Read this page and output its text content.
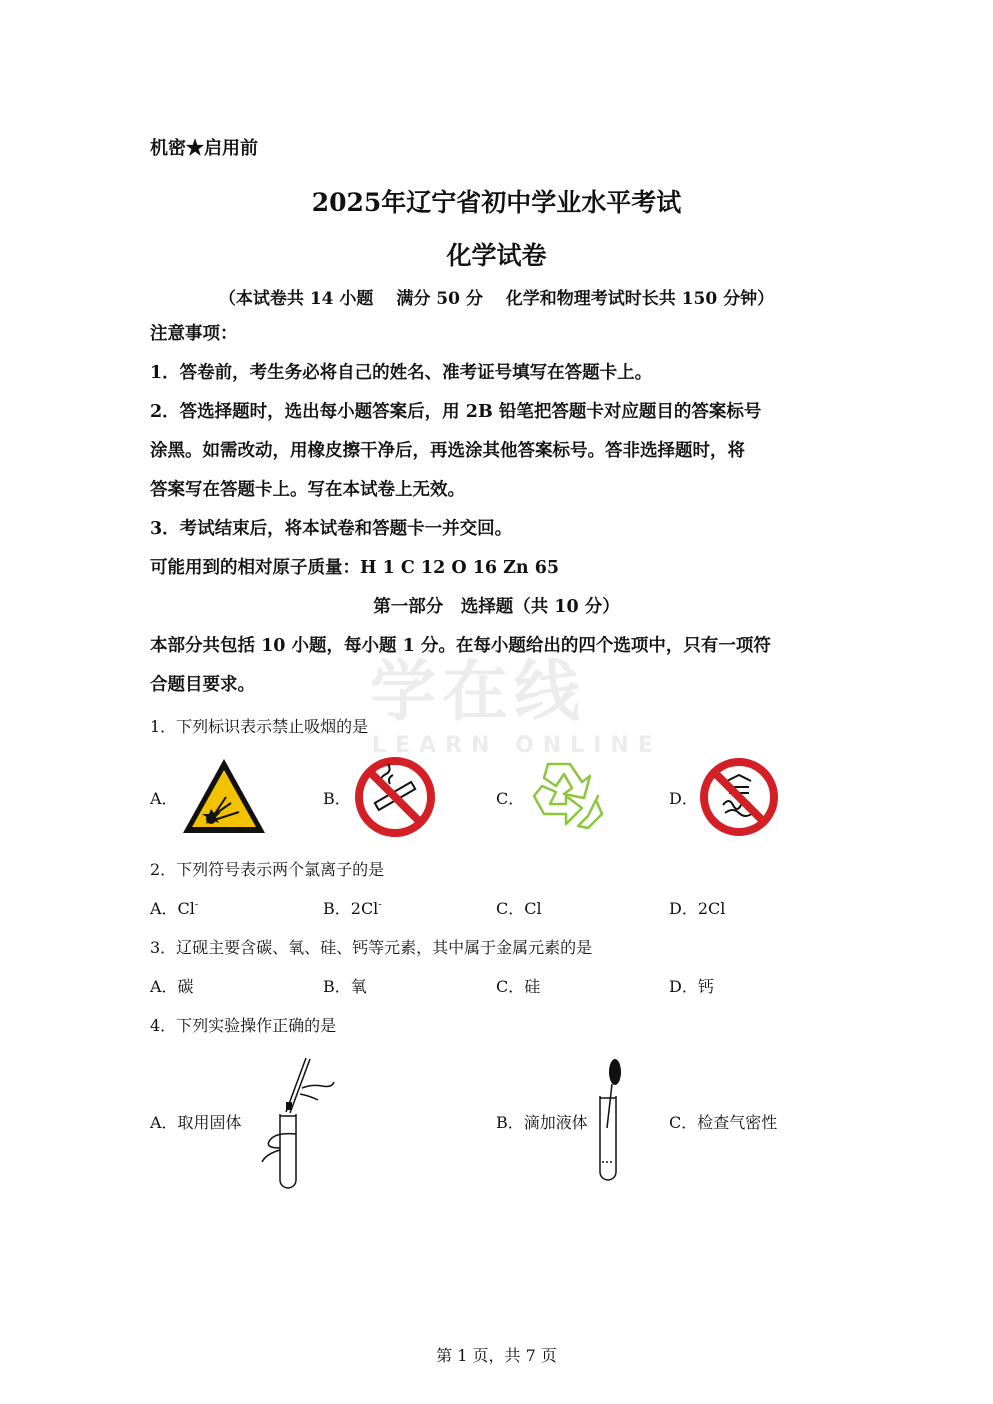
学在线
LEARN ONLINE
机密★启用前
2025年辽宁省初中学业水平考试
化学试卷
（本试卷共 14 小题　 满分 50 分　 化学和物理考试时长共 150 分钟）
注意事项：
1．答卷前，考生务必将自己的姓名、准考证号填写在答题卡上。
2．答选择题时，选出每小题答案后，用 2B 铅笔把答题卡对应题目的答案标号
涂黑。如需改动，用橡皮擦干净后，再选涂其他答案标号。答非选择题时，将
答案写在答题卡上。写在本试卷上无效。
3．考试结束后，将本试卷和答题卡一并交回。
可能用到的相对原子质量：H 1 C 12 O 16 Zn 65
第一部分　选择题（共 10 分）
本部分共包括 10 小题，每小题 1 分。在每小题给出的四个选项中，只有一项符
合题目要求。
1．下列标识表示禁止吸烟的是
A．	B．	C．	D．
2．下列符号表示两个氯离子的是
A．Cl-	B．2Cl-	C．Cl	D．2Cl
3．辽砚主要含碳、氧、硅、钙等元素，其中属于金属元素的是
A．碳	B．氧	C．硅	D．钙
4．下列实验操作正确的是
A．取用固体	B．滴加液体	C．检查气密性
第 1 页，共 7 页
